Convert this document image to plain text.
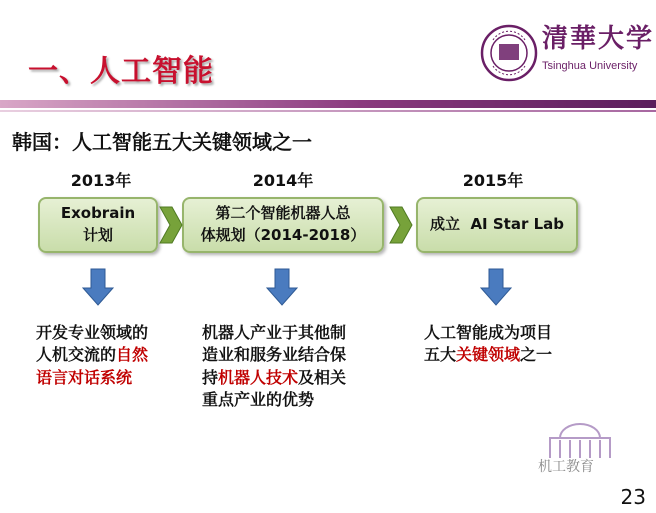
一、人工智能
清華大学
Tsinghua University
韩国：人工智能五大关键领域之一
2013年	2014年	2015年
Exobrain
计划
第二个智能机器人总
体规划（2014-2018）
成立  AI Star Lab
开发专业领域的
人机交流的自然
语言对话系统
机器人产业于其他制
造业和服务业结合保
持机器人技术及相关
重点产业的优势
人工智能成为项目
五大关键领域之一
机工教育
23
